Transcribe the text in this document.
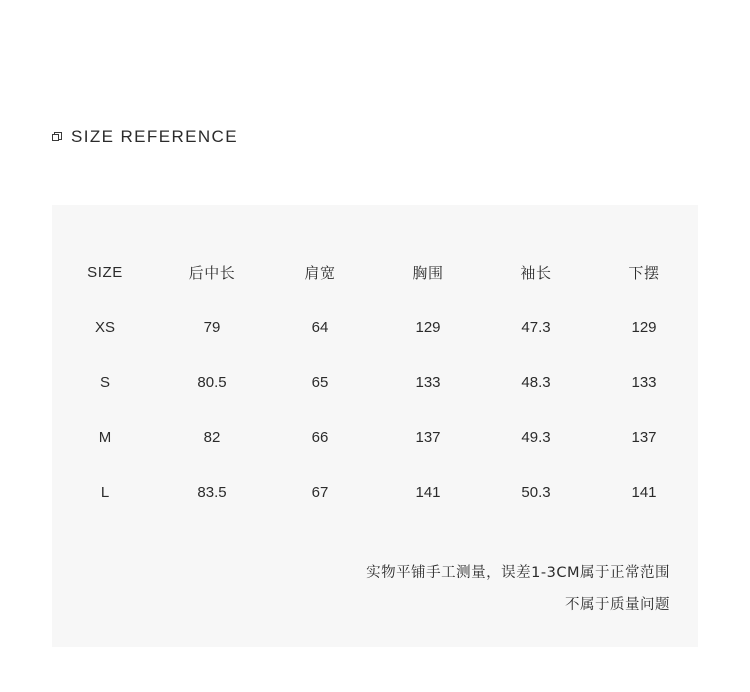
SIZE REFERENCE
SIZE	后中长	肩宽	胸围	袖长	下摆
XS	79	64	129	47.3	129
S	80.5	65	133	48.3	133
M	82	66	137	49.3	137
L	83.5	67	141	50.3	141
实物平铺手工测量，误差1-3CM属于正常范围
不属于质量问题
